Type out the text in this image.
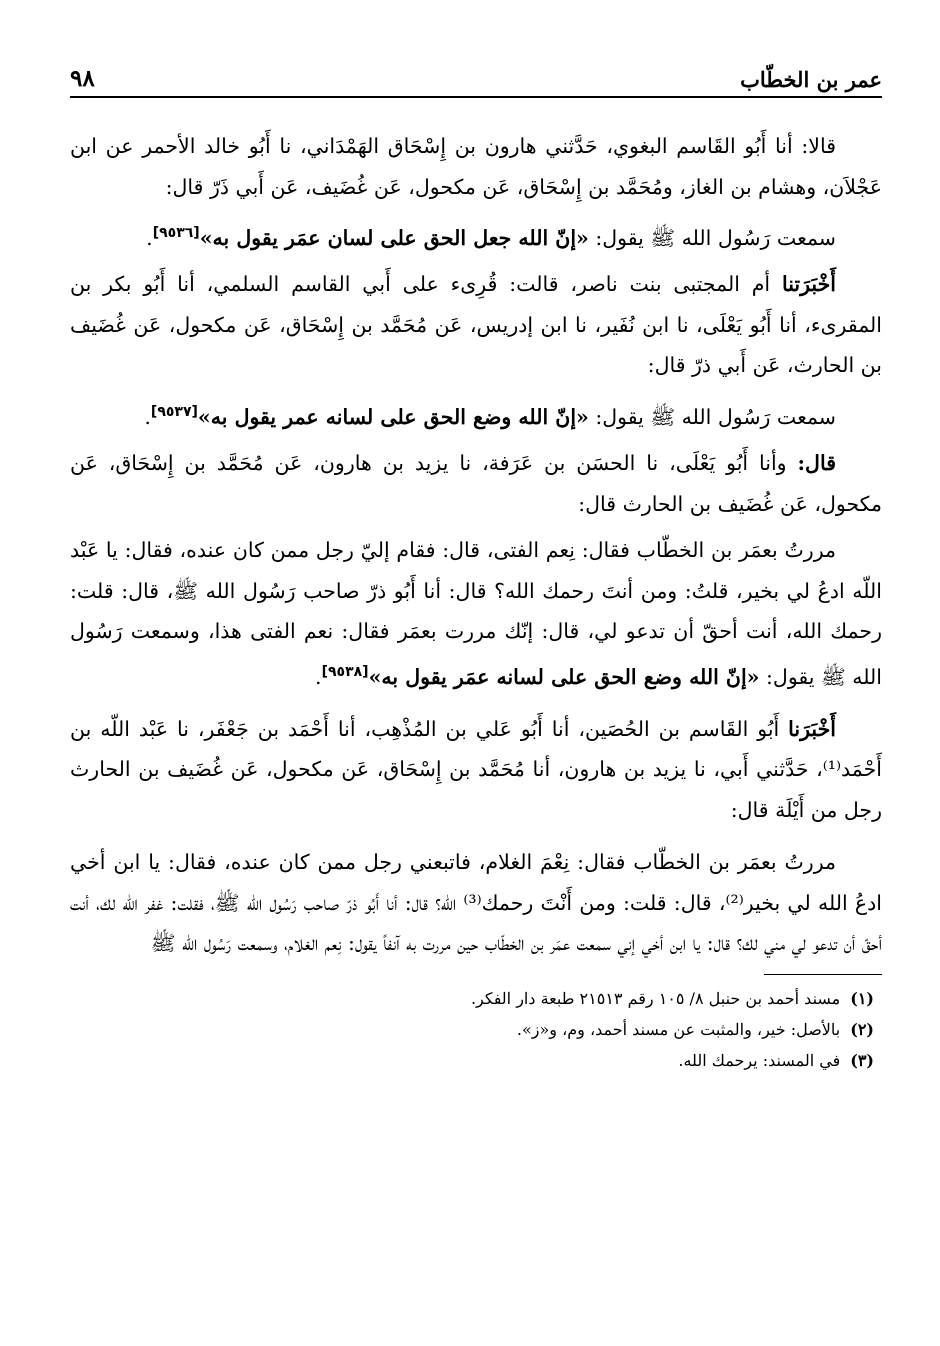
٩٨	عمر بن الخطّاب

قالا: أنا أَبُو القَاسم البغوي، حَدَّثني هارون بن إِسْحَاق الهَمْدَاني، نا أَبُو خالد الأحمر عن ابن عَجْلاَن، وهشام بن الغاز، ومُحَمَّد بن إِسْحَاق، عَن مكحول، عَن غُضَيف، عَن أَبي ذَرّ قال:

سمعت رَسُول الله ﷺ يقول: «إنّ الله جعل الحق على لسان عمَر يقول به»[٩٥٣٦].

أَخْبَرَتنا أم المجتبى بنت ناصر، قالت: قُرِىء على أَبي القاسم السلمي، أنا أَبُو بكر بن المقرىء، أنا أَبُو يَعْلَى، نا ابن نُفَير، نا ابن إدريس، عَن مُحَمَّد بن إِسْحَاق، عَن مكحول، عَن غُضَيف بن الحارث، عَن أَبي ذرّ قال:

سمعت رَسُول الله ﷺ يقول: «إنّ الله وضع الحق على لسانه عمر يقول به»[٩٥٣٧].

قال: وأنا أَبُو يَعْلَى، نا الحسَن بن عَرَفة، نا يزيد بن هارون، عَن مُحَمَّد بن إِسْحَاق، عَن مكحول، عَن غُضَيف بن الحارث قال:

مررتُ بعمَر بن الخطّاب فقال: نِعم الفتى، قال: فقام إليّ رجل ممن كان عنده، فقال: يا عَبْد اللّه ادعُ لي بخير، قلتُ: ومن أنتَ رحمك الله؟ قال: أنا أَبُو ذرّ صاحب رَسُول الله ﷺ، قال: قلت: رحمك الله، أنت أحقّ أن تدعو لي، قال: إنّك مررت بعمَر فقال: نعم الفتى هذا، وسمعت رَسُول الله ﷺ يقول: «إنّ الله وضع الحق على لسانه عمَر يقول به»[٩٥٣٨].

أَخْبَرَنا أَبُو القَاسم بن الحُصَين، أنا أَبُو عَلي بن المُذْهِب، أنا أَحْمَد بن جَعْفَر، نا عَبْد اللّه بن أَحْمَد⁽¹⁾، حَدَّثني أَبي، نا يزيد بن هارون، أنا مُحَمَّد بن إِسْحَاق، عَن مكحول، عَن غُضَيف بن الحارث رجل من أَيْلَة قال:

مررتُ بعمَر بن الخطّاب فقال: نِعْمَ الغلام، فاتبعني رجل ممن كان عنده، فقال: يا ابن أخي ادعُ الله لي بخير⁽²⁾، قال: قلت: ومن أَنْتَ رحمك⁽³⁾ الله؟ قال: أنا أَبُو ذرّ صاحب رَسُول الله ﷺ، فقلت: غفر الله لك، أنت أحقّ أن تدعو لي مني لك؟ قال: يا ابن أخي إني سمعت عمَر بن الخطّاب حين مررت به آنفاً يقول: نِعم الغلام، وسمعت رَسُول الله ﷺ

(١)
مسند أحمد بن حنبل ٨/ ١٠٥ رقم ٢١٥١٣ طبعة دار الفكر.
(٢)
بالأصل: خير، والمثبت عن مسند أحمد، وم، و«ز».
(٣)
في المسند: يرحمك الله.
